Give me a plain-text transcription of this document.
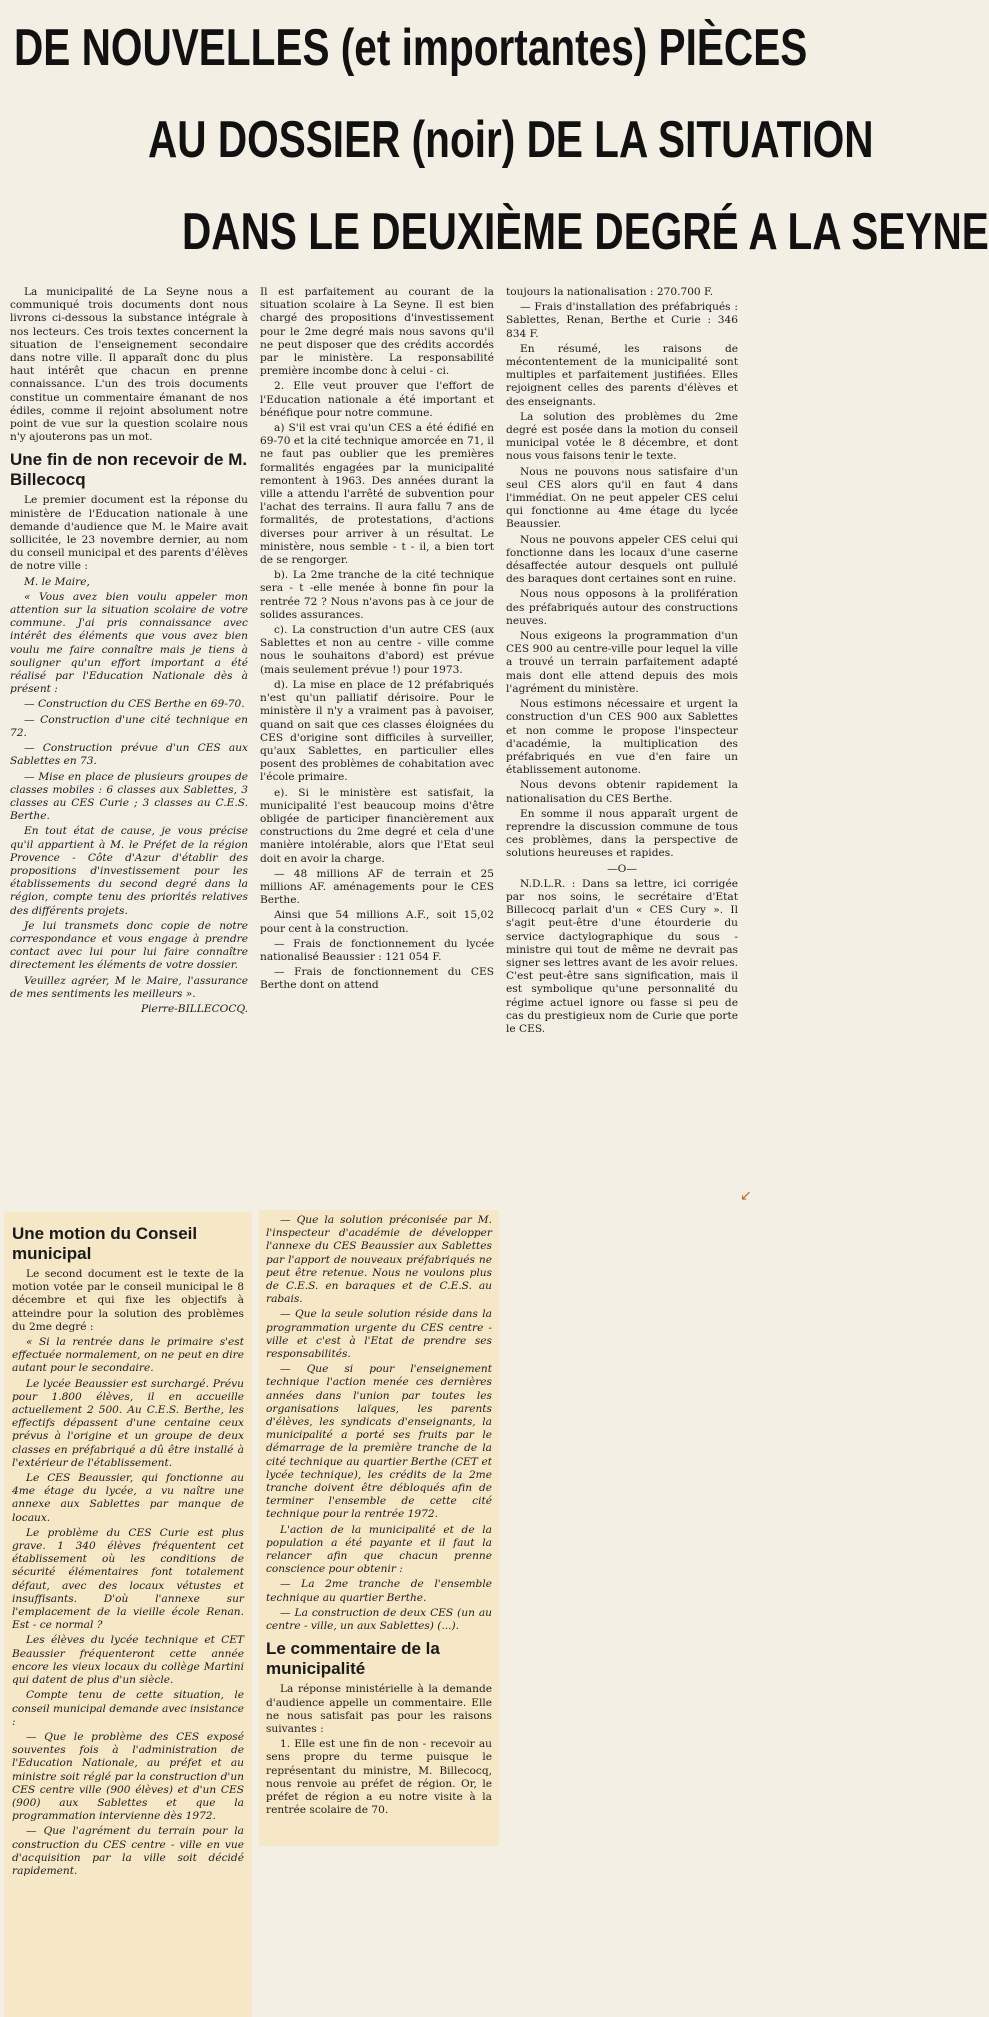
DE NOUVELLES (et importantes) PIÈCES
AU DOSSIER (noir) DE LA SITUATION
DANS LE DEUXIÈME DEGRÉ A LA SEYNE

La municipalité de La Seyne nous a communiqué trois documents dont nous livrons ci-dessous la substance intégrale à nos lecteurs. Ces trois textes concernent la situation de l'enseignement secondaire dans notre ville. Il apparaît donc du plus haut intérêt que chacun en prenne connaissance. L'un des trois documents constitue un commentaire émanant de nos édiles, comme il rejoint absolument notre point de vue sur la question scolaire nous n'y ajouterons pas un mot.

Une fin de non recevoir de M. Billecocq

Le premier document est la réponse du ministère de l'Education nationale à une demande d'audience que M. le Maire avait sollicitée, le 23 novembre dernier, au nom du conseil municipal et des parents d'élèves de notre ville :

M. le Maire,

« Vous avez bien voulu appeler mon attention sur la situation scolaire de votre commune. J'ai pris connaissance avec intérêt des éléments que vous avez bien voulu me faire connaître mais je tiens à souligner qu'un effort important a été réalisé par l'Education Nationale dès à présent :

— Construction du CES Berthe en 69-70.

— Construction d'une cité technique en 72.

— Construction prévue d'un CES aux Sablettes en 73.

— Mise en place de plusieurs groupes de classes mobiles : 6 classes aux Sablettes, 3 classes au CES Curie ; 3 classes au C.E.S. Berthe.

En tout état de cause, je vous précise qu'il appartient à M. le Préfet de la région Provence - Côte d'Azur d'établir des propositions d'investissement pour les établissements du second degré dans la région, compte tenu des priorités relatives des différents projets.

Je lui transmets donc copie de notre correspondance et vous engage à prendre contact avec lui pour lui faire connaître directement les éléments de votre dossier.

Veuillez agréer, M le Maire, l'assurance de mes sentiments les meilleurs ».

Pierre-BILLECOCQ.

Il est parfaitement au courant de la situation scolaire à La Seyne. Il est bien chargé des propositions d'investissement pour le 2me degré mais nous savons qu'il ne peut disposer que des crédits accordés par le ministère. La responsabilité première incombe donc à celui - ci.

2. Elle veut prouver que l'effort de l'Education nationale a été important et bénéfique pour notre commune.

a) S'il est vrai qu'un CES a été édifié en 69-70 et la cité technique amorcée en 71, il ne faut pas oublier que les premières formalités engagées par la municipalité remontent à 1963. Des années durant la ville a attendu l'arrêté de subvention pour l'achat des terrains. Il aura fallu 7 ans de formalités, de protestations, d'actions diverses pour arriver à un résultat. Le ministère, nous semble - t - il, a bien tort de se rengorger.

b). La 2me tranche de la cité technique sera - t -elle menée à bonne fin pour la rentrée 72 ? Nous n'avons pas à ce jour de solides assurances.

c). La construction d'un autre CES (aux Sablettes et non au centre - ville comme nous le souhaitons d'abord) est prévue (mais seulement prévue !) pour 1973.

d). La mise en place de 12 préfabriqués n'est qu'un palliatif dérisoire. Pour le ministère il n'y a vraiment pas à pavoiser, quand on sait que ces classes éloignées du CES d'origine sont difficiles à surveiller, qu'aux Sablettes, en particulier elles posent des problèmes de cohabitation avec l'école primaire.

e). Si le ministère est satisfait, la municipalité l'est beaucoup moins d'être obligée de participer financièrement aux constructions du 2me degré et cela d'une manière intolérable, alors que l'Etat seul doit en avoir la charge.

— 48 millions AF de terrain et 25 millions AF. aménagements pour le CES Berthe.

Ainsi que 54 millions A.F., soit 15,02 pour cent à la construction.

— Frais de fonctionnement du lycée nationalisé Beaussier : 121 054 F.

— Frais de fonctionnement du CES Berthe dont on attend

toujours la nationalisation : 270.700 F.

— Frais d'installation des préfabriqués : Sablettes, Renan, Berthe et Curie : 346 834 F.

En résumé, les raisons de mécontentement de la municipalité sont multiples et parfaitement justifiées. Elles rejoignent celles des parents d'élèves et des enseignants.

La solution des problèmes du 2me degré est posée dans la motion du conseil municipal votée le 8 décembre, et dont nous vous faisons tenir le texte.

Nous ne pouvons nous satisfaire d'un seul CES alors qu'il en faut 4 dans l'immédiat. On ne peut appeler CES celui qui fonctionne au 4me étage du lycée Beaussier.

Nous ne pouvons appeler CES celui qui fonctionne dans les locaux d'une caserne désaffectée autour desquels ont pullulé des baraques dont certaines sont en ruine.

Nous nous opposons à la prolifération des préfabriqués autour des constructions neuves.

Nous exigeons la programmation d'un CES 900 au centre-ville pour lequel la ville a trouvé un terrain parfaitement adapté mais dont elle attend depuis des mois l'agrément du ministère.

Nous estimons nécessaire et urgent la construction d'un CES 900 aux Sablettes et non comme le propose l'inspecteur d'académie, la multiplication des préfabriqués en vue d'en faire un établissement autonome.

Nous devons obtenir rapidement la nationalisation du CES Berthe.

En somme il nous apparaît urgent de reprendre la discussion commune de tous ces problèmes, dans la perspective de solutions heureuses et rapides.

—O—

N.D.L.R. : Dans sa lettre, ici corrigée par nos soins, le secrétaire d'Etat Billecocq parlait d'un « CES Cury ». Il s'agit peut-être d'une étourderie du service dactylographique du sous - ministre qui tout de même ne devrait pas signer ses lettres avant de les avoir relues. C'est peut-être sans signification, mais il est symbolique qu'une personnalité du régime actuel ignore ou fasse si peu de cas du prestigieux nom de Curie que porte le CES.

↙
Une motion du Conseil municipal

Le second document est le texte de la motion votée par le conseil municipal le 8 décembre et qui fixe les objectifs à atteindre pour la solution des problèmes du 2me degré :

« Si la rentrée dans le primaire s'est effectuée normalement, on ne peut en dire autant pour le secondaire.

Le lycée Beaussier est surchargé. Prévu pour 1.800 élèves, il en accueille actuellement 2 500. Au C.E.S. Berthe, les effectifs dépassent d'une centaine ceux prévus à l'origine et un groupe de deux classes en préfabriqué a dû être installé à l'extérieur de l'établissement.

Le CES Beaussier, qui fonctionne au 4me étage du lycée, a vu naître une annexe aux Sablettes par manque de locaux.

Le problème du CES Curie est plus grave. 1 340 élèves fréquentent cet établissement où les conditions de sécurité élémentaires font totalement défaut, avec des locaux vétustes et insuffisants. D'où l'annexe sur l'emplacement de la vieille école Renan. Est - ce normal ?

Les élèves du lycée technique et CET Beaussier fréquenteront cette année encore les vieux locaux du collège Martini qui datent de plus d'un siècle.

Compte tenu de cette situation, le conseil municipal demande avec insistance :

— Que le problème des CES exposé souventes fois à l'administration de l'Education Nationale, au préfet et au ministre soit réglé par la construction d'un CES centre ville (900 élèves) et d'un CES (900) aux Sablettes et que la programmation intervienne dès 1972.

— Que l'agrément du terrain pour la construction du CES centre - ville en vue d'acquisition par la ville soit décidé rapidement.

— Que la solution préconisée par M. l'inspecteur d'académie de développer l'annexe du CES Beaussier aux Sablettes par l'apport de nouveaux préfabriqués ne peut être retenue. Nous ne voulons plus de C.E.S. en baraques et de C.E.S. au rabais.

— Que la seule solution réside dans la programmation urgente du CES centre - ville et c'est à l'Etat de prendre ses responsabilités.

— Que si pour l'enseignement technique l'action menée ces dernières années dans l'union par toutes les organisations laïques, les parents d'élèves, les syndicats d'enseignants, la municipalité a porté ses fruits par le démarrage de la première tranche de la cité technique au quartier Berthe (CET et lycée technique), les crédits de la 2me tranche doivent être débloqués afin de terminer l'ensemble de cette cité technique pour la rentrée 1972.

L'action de la municipalité et de la population a été payante et il faut la relancer afin que chacun prenne conscience pour obtenir :

— La 2me tranche de l'ensemble technique au quartier Berthe.

— La construction de deux CES (un au centre - ville, un aux Sablettes) (...).

Le commentaire de la municipalité

La réponse ministérielle à la demande d'audience appelle un commentaire. Elle ne nous satisfait pas pour les raisons suivantes :

1. Elle est une fin de non - recevoir au sens propre du terme puisque le représentant du ministre, M. Billecocq, nous renvoie au préfet de région. Or, le préfet de région a eu notre visite à la rentrée scolaire de 70.
